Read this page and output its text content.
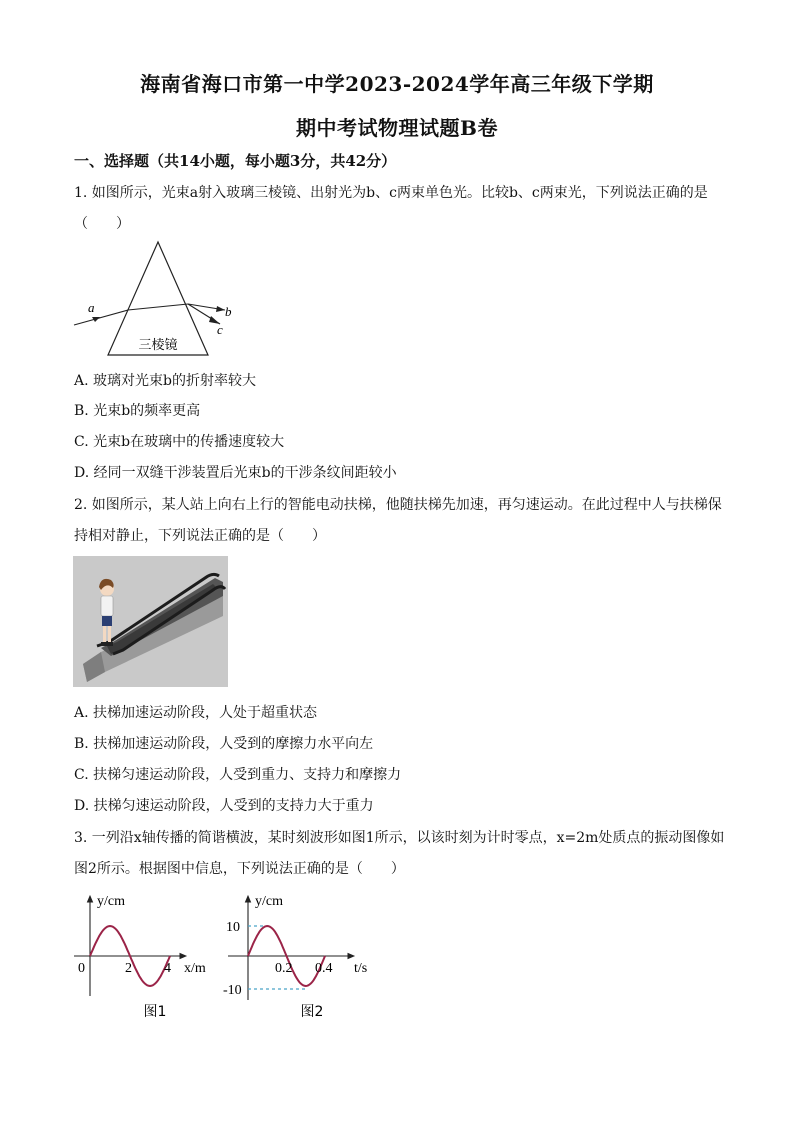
海南省海口市第一中学2023-2024学年高三年级下学期
期中考试物理试题B卷
一、选择题（共14小题，每小题3分，共42分）
1. 如图所示，光束a射入玻璃三棱镜、出射光为b、c两束单色光。比较b、c两束光，下列说法正确的是
（　　）
a	b
c
三棱镜
A. 玻璃对光束b的折射率较大
B. 光束b的频率更高
C. 光束b在玻璃中的传播速度较大
D. 经同一双缝干涉装置后光束b的干涉条纹间距较小
2. 如图所示，某人站上向右上行的智能电动扶梯，他随扶梯先加速，再匀速运动。在此过程中人与扶梯保
持相对静止，下列说法正确的是（　　）
A. 扶梯加速运动阶段，人处于超重状态
B. 扶梯加速运动阶段，人受到的摩擦力水平向左
C. 扶梯匀速运动阶段，人受到重力、支持力和摩擦力
D. 扶梯匀速运动阶段，人受到的支持力大于重力
3. 一列沿x轴传播的简谐横波，某时刻波形如图1所示，以该时刻为计时零点，x=2m处质点的振动图像如
图2所示。根据图中信息，下列说法正确的是（　　）
y/cm
0	2 4 x/m
图1
y/cm
10
-10
0.2 0.4 t/s
图2
